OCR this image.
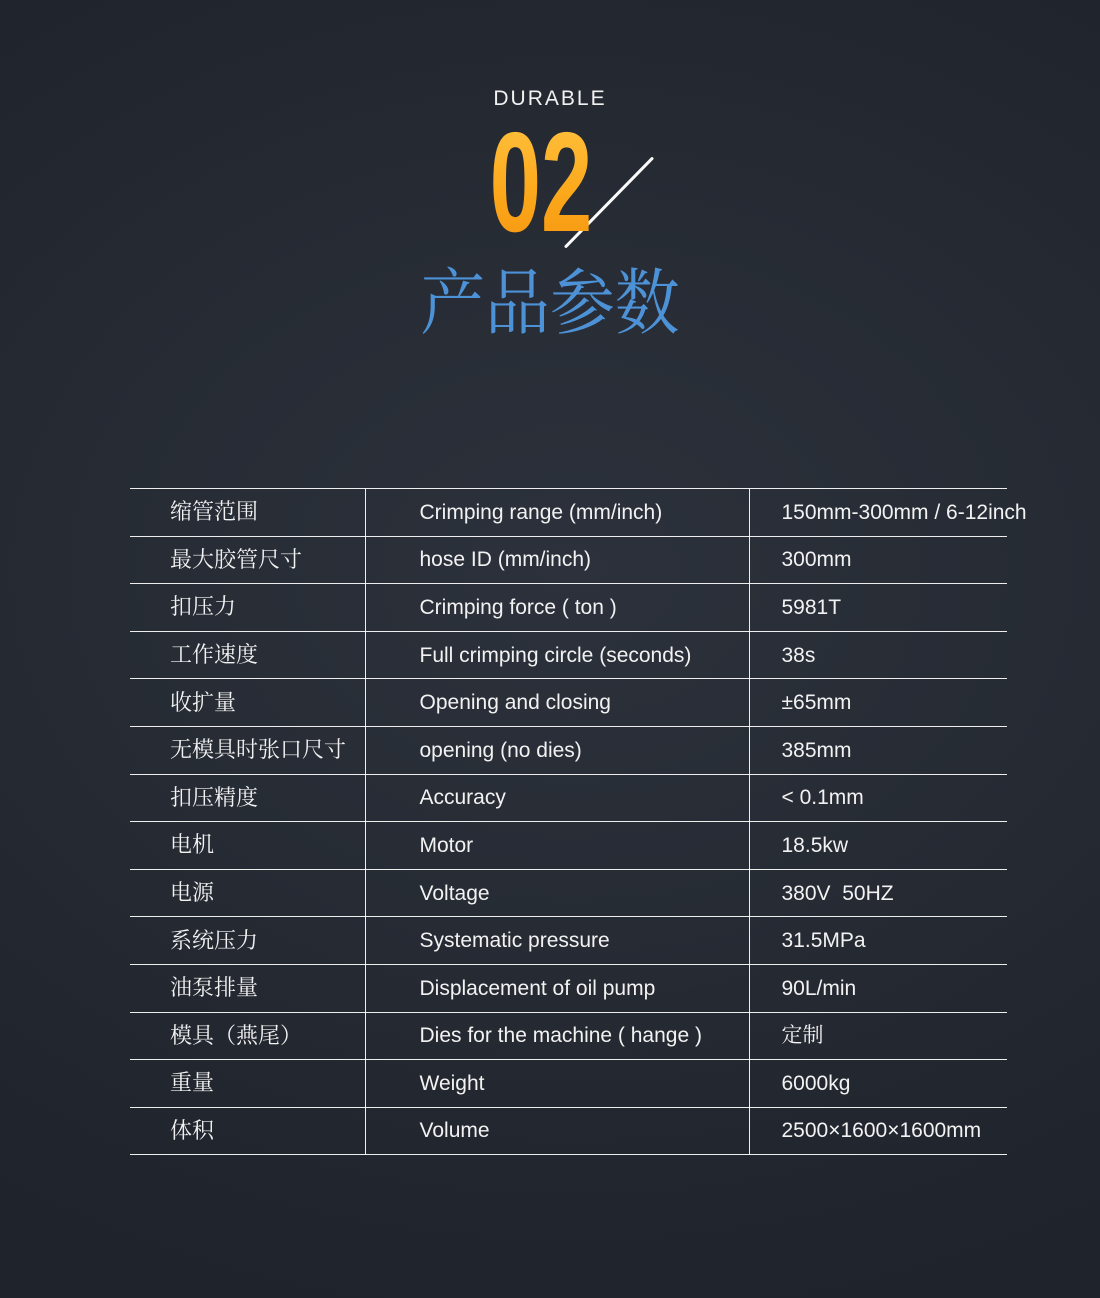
DURABLE
02
产品参数
缩管范围	Crimping range (mm/inch)	150mm-300mm / 6-12inch
最大胶管尺寸	hose ID (mm/inch)	300mm
扣压力	Crimping force ( ton )	5981T
工作速度	Full crimping circle (seconds)	38s
收扩量	Opening and closing	±65mm
无模具时张口尺寸	opening (no dies)	385mm
扣压精度	Accuracy	< 0.1mm
电机	Motor	18.5kw
电源	Voltage	380V  50HZ
系统压力	Systematic pressure	31.5MPa
油泵排量	Displacement of oil pump	90L/min
模具（燕尾）	Dies for the machine ( hange )	定制
重量	Weight	6000kg
体积	Volume	2500×1600×1600mm
